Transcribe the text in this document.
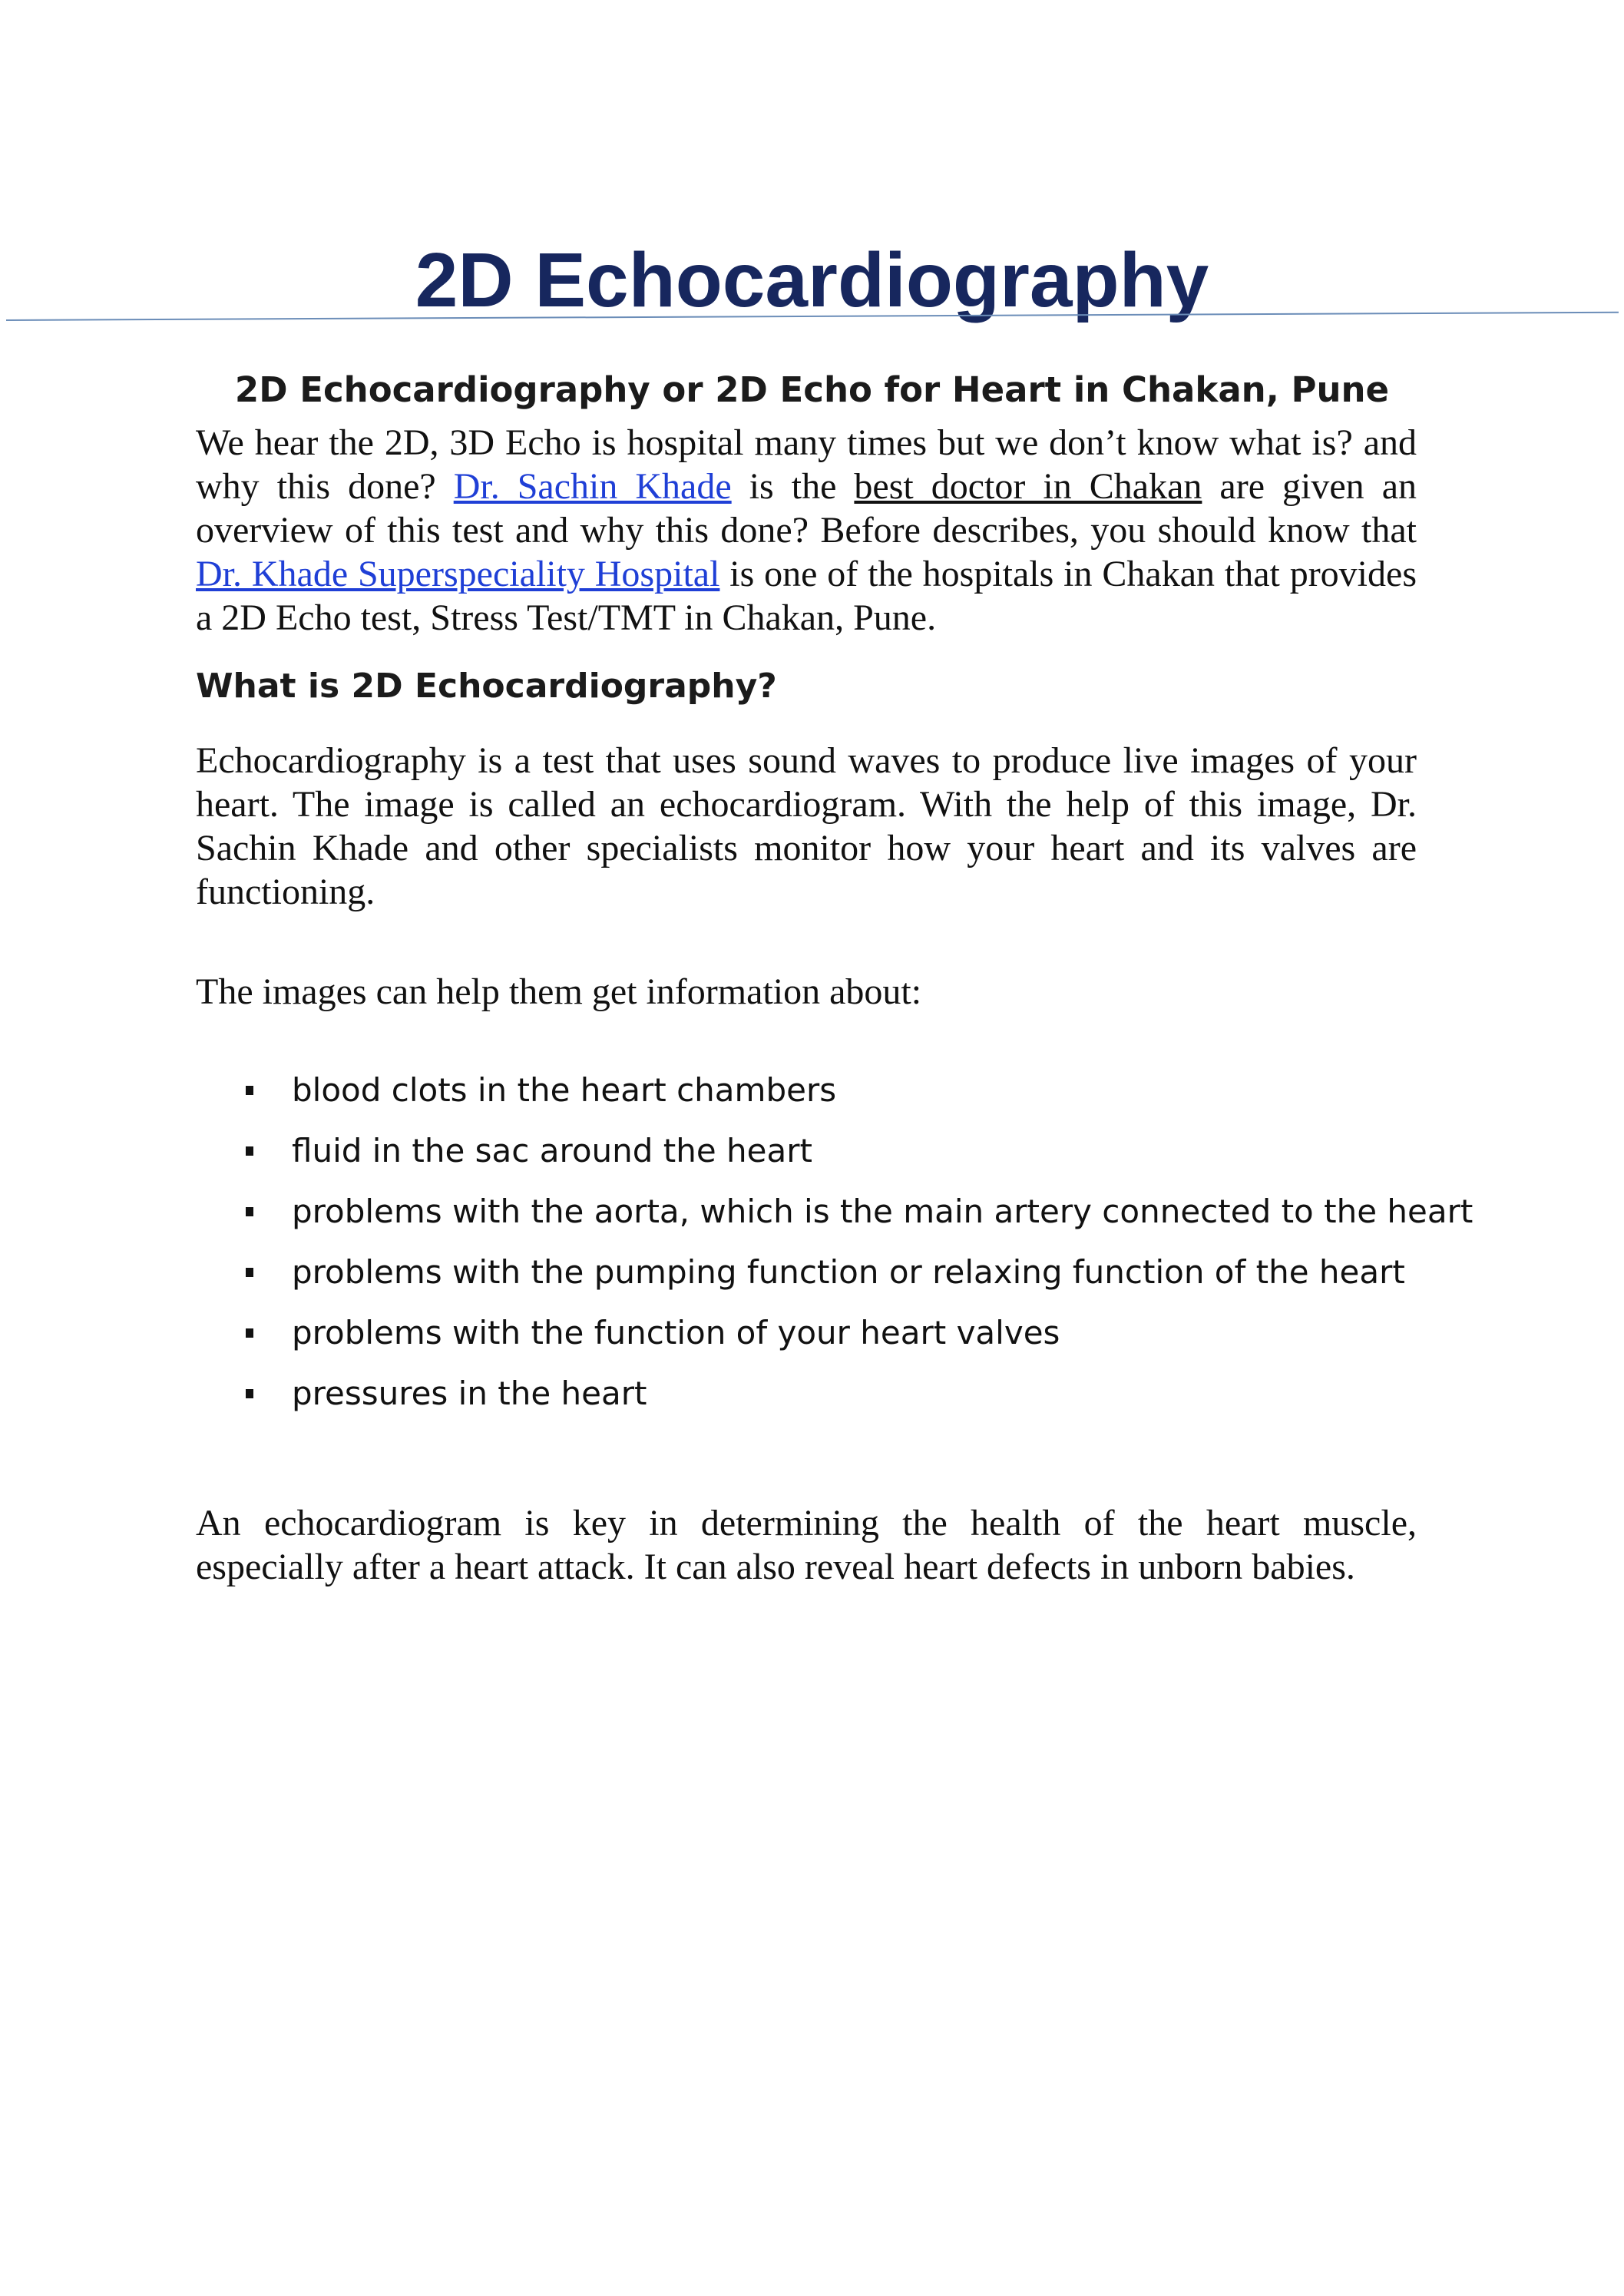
2D Echocardiography
2D Echocardiography or 2D Echo for Heart in Chakan, Pune

We hear the 2D, 3D Echo is hospital many times but we don’t know what is? and why this done? Dr. Sachin Khade is the best doctor in Chakan are given an overview of this test and why this done? Before describes, you should know that Dr. Khade Superspeciality Hospital is one of the hospitals in Chakan that provides a 2D Echo test, Stress Test/TMT in Chakan, Pune.

What is 2D Echocardiography?

Echocardiography is a test that uses sound waves to produce live images of your heart. The image is called an echocardiogram. With the help of this image, Dr. Sachin Khade and other specialists monitor how your heart and its valves are functioning.

The images can help them get information about:

blood clots in the heart chambers
fluid in the sac around the heart
problems with the aorta, which is the main artery connected to the heart
problems with the pumping function or relaxing function of the heart
problems with the function of your heart valves
pressures in the heart

An echocardiogram is key in determining the health of the heart muscle, especially after a heart attack. It can also reveal heart defects in unborn babies.
